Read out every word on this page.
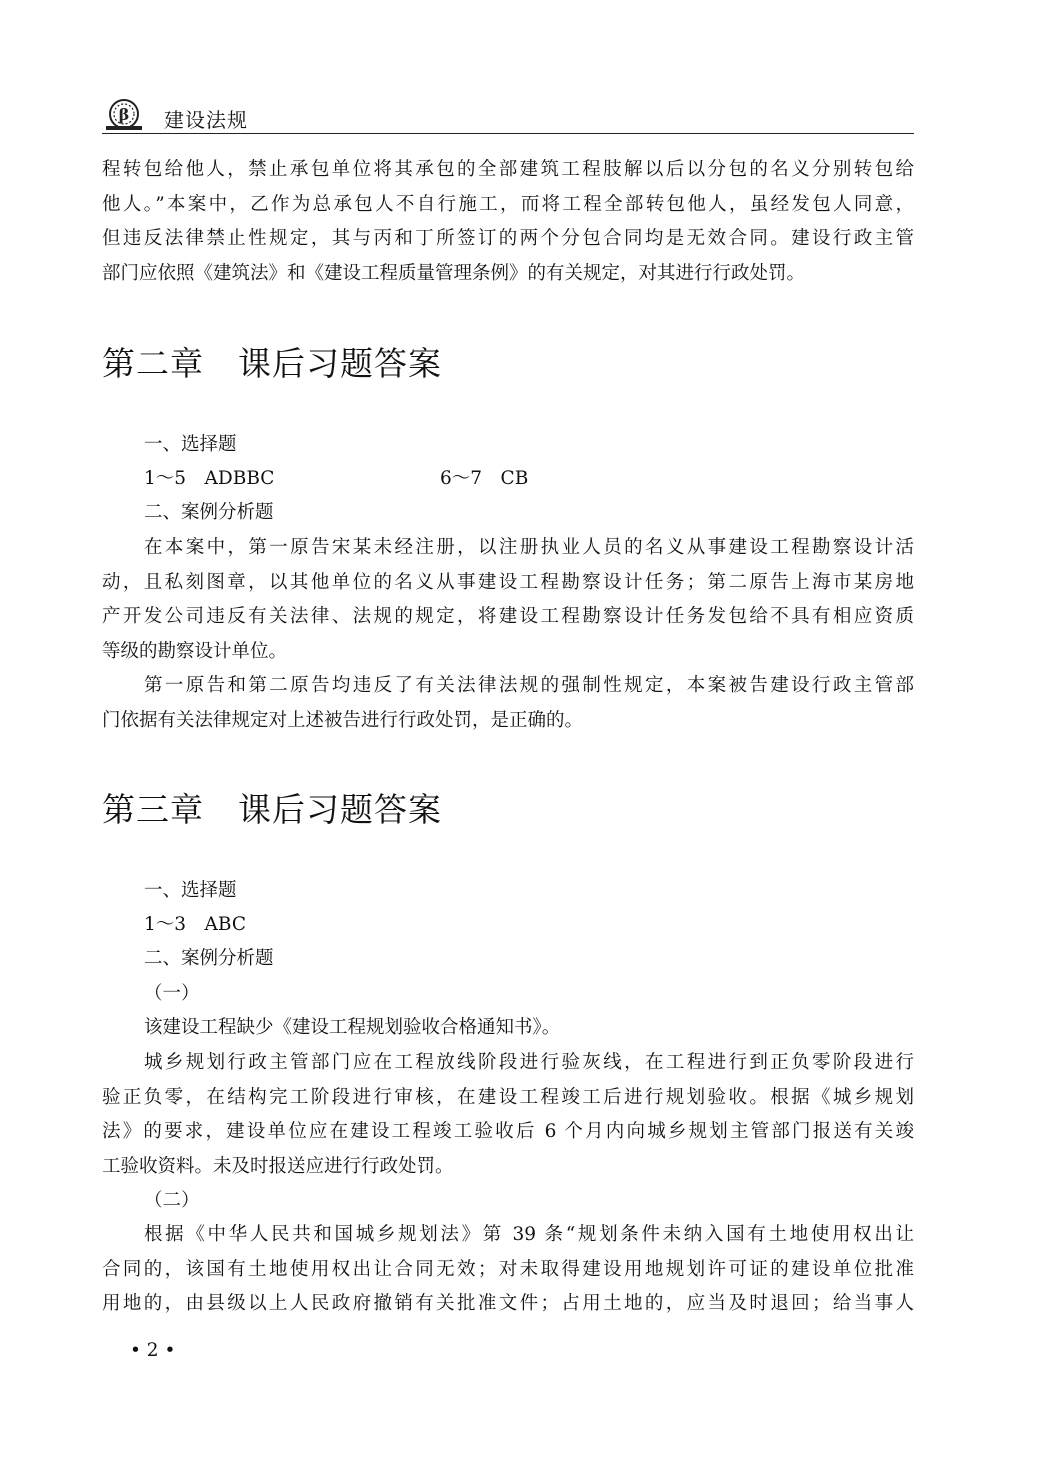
β 建设法规
程转包给他人，禁止承包单位将其承包的全部建筑工程肢解以后以分包的名义分别转包给
他人。”本案中，乙作为总承包人不自行施工，而将工程全部转包他人，虽经发包人同意，
但违反法律禁止性规定，其与丙和丁所签订的两个分包合同均是无效合同。建设行政主管
部门应依照《建筑法》和《建设工程质量管理条例》的有关规定，对其进行行政处罚。
第二章 课后习题答案

一、选择题

1～5　ADBBC	6～7　CB

二、案例分析题

在本案中，第一原告宋某未经注册，以注册执业人员的名义从事建设工程勘察设计活
动，且私刻图章，以其他单位的名义从事建设工程勘察设计任务；第二原告上海市某房地
产开发公司违反有关法律、法规的规定，将建设工程勘察设计任务发包给不具有相应资质
等级的勘察设计单位。
第一原告和第二原告均违反了有关法律法规的强制性规定，本案被告建设行政主管部
门依据有关法律规定对上述被告进行行政处罚，是正确的。
第三章 课后习题答案

一、选择题

1～3　ABC

二、案例分析题

（一）

该建设工程缺少《建设工程规划验收合格通知书》。

城乡规划行政主管部门应在工程放线阶段进行验灰线，在工程进行到正负零阶段进行
验正负零，在结构完工阶段进行审核，在建设工程竣工后进行规划验收。根据《城乡规划
法》的要求，建设单位应在建设工程竣工验收后 6 个月内向城乡规划主管部门报送有关竣
工验收资料。未及时报送应进行行政处罚。

（二）

根据《中华人民共和国城乡规划法》第 39 条“规划条件未纳入国有土地使用权出让
合同的，该国有土地使用权出让合同无效；对未取得建设用地规划许可证的建设单位批准
用地的，由县级以上人民政府撤销有关批准文件；占用土地的，应当及时退回；给当事人
• 2 •
